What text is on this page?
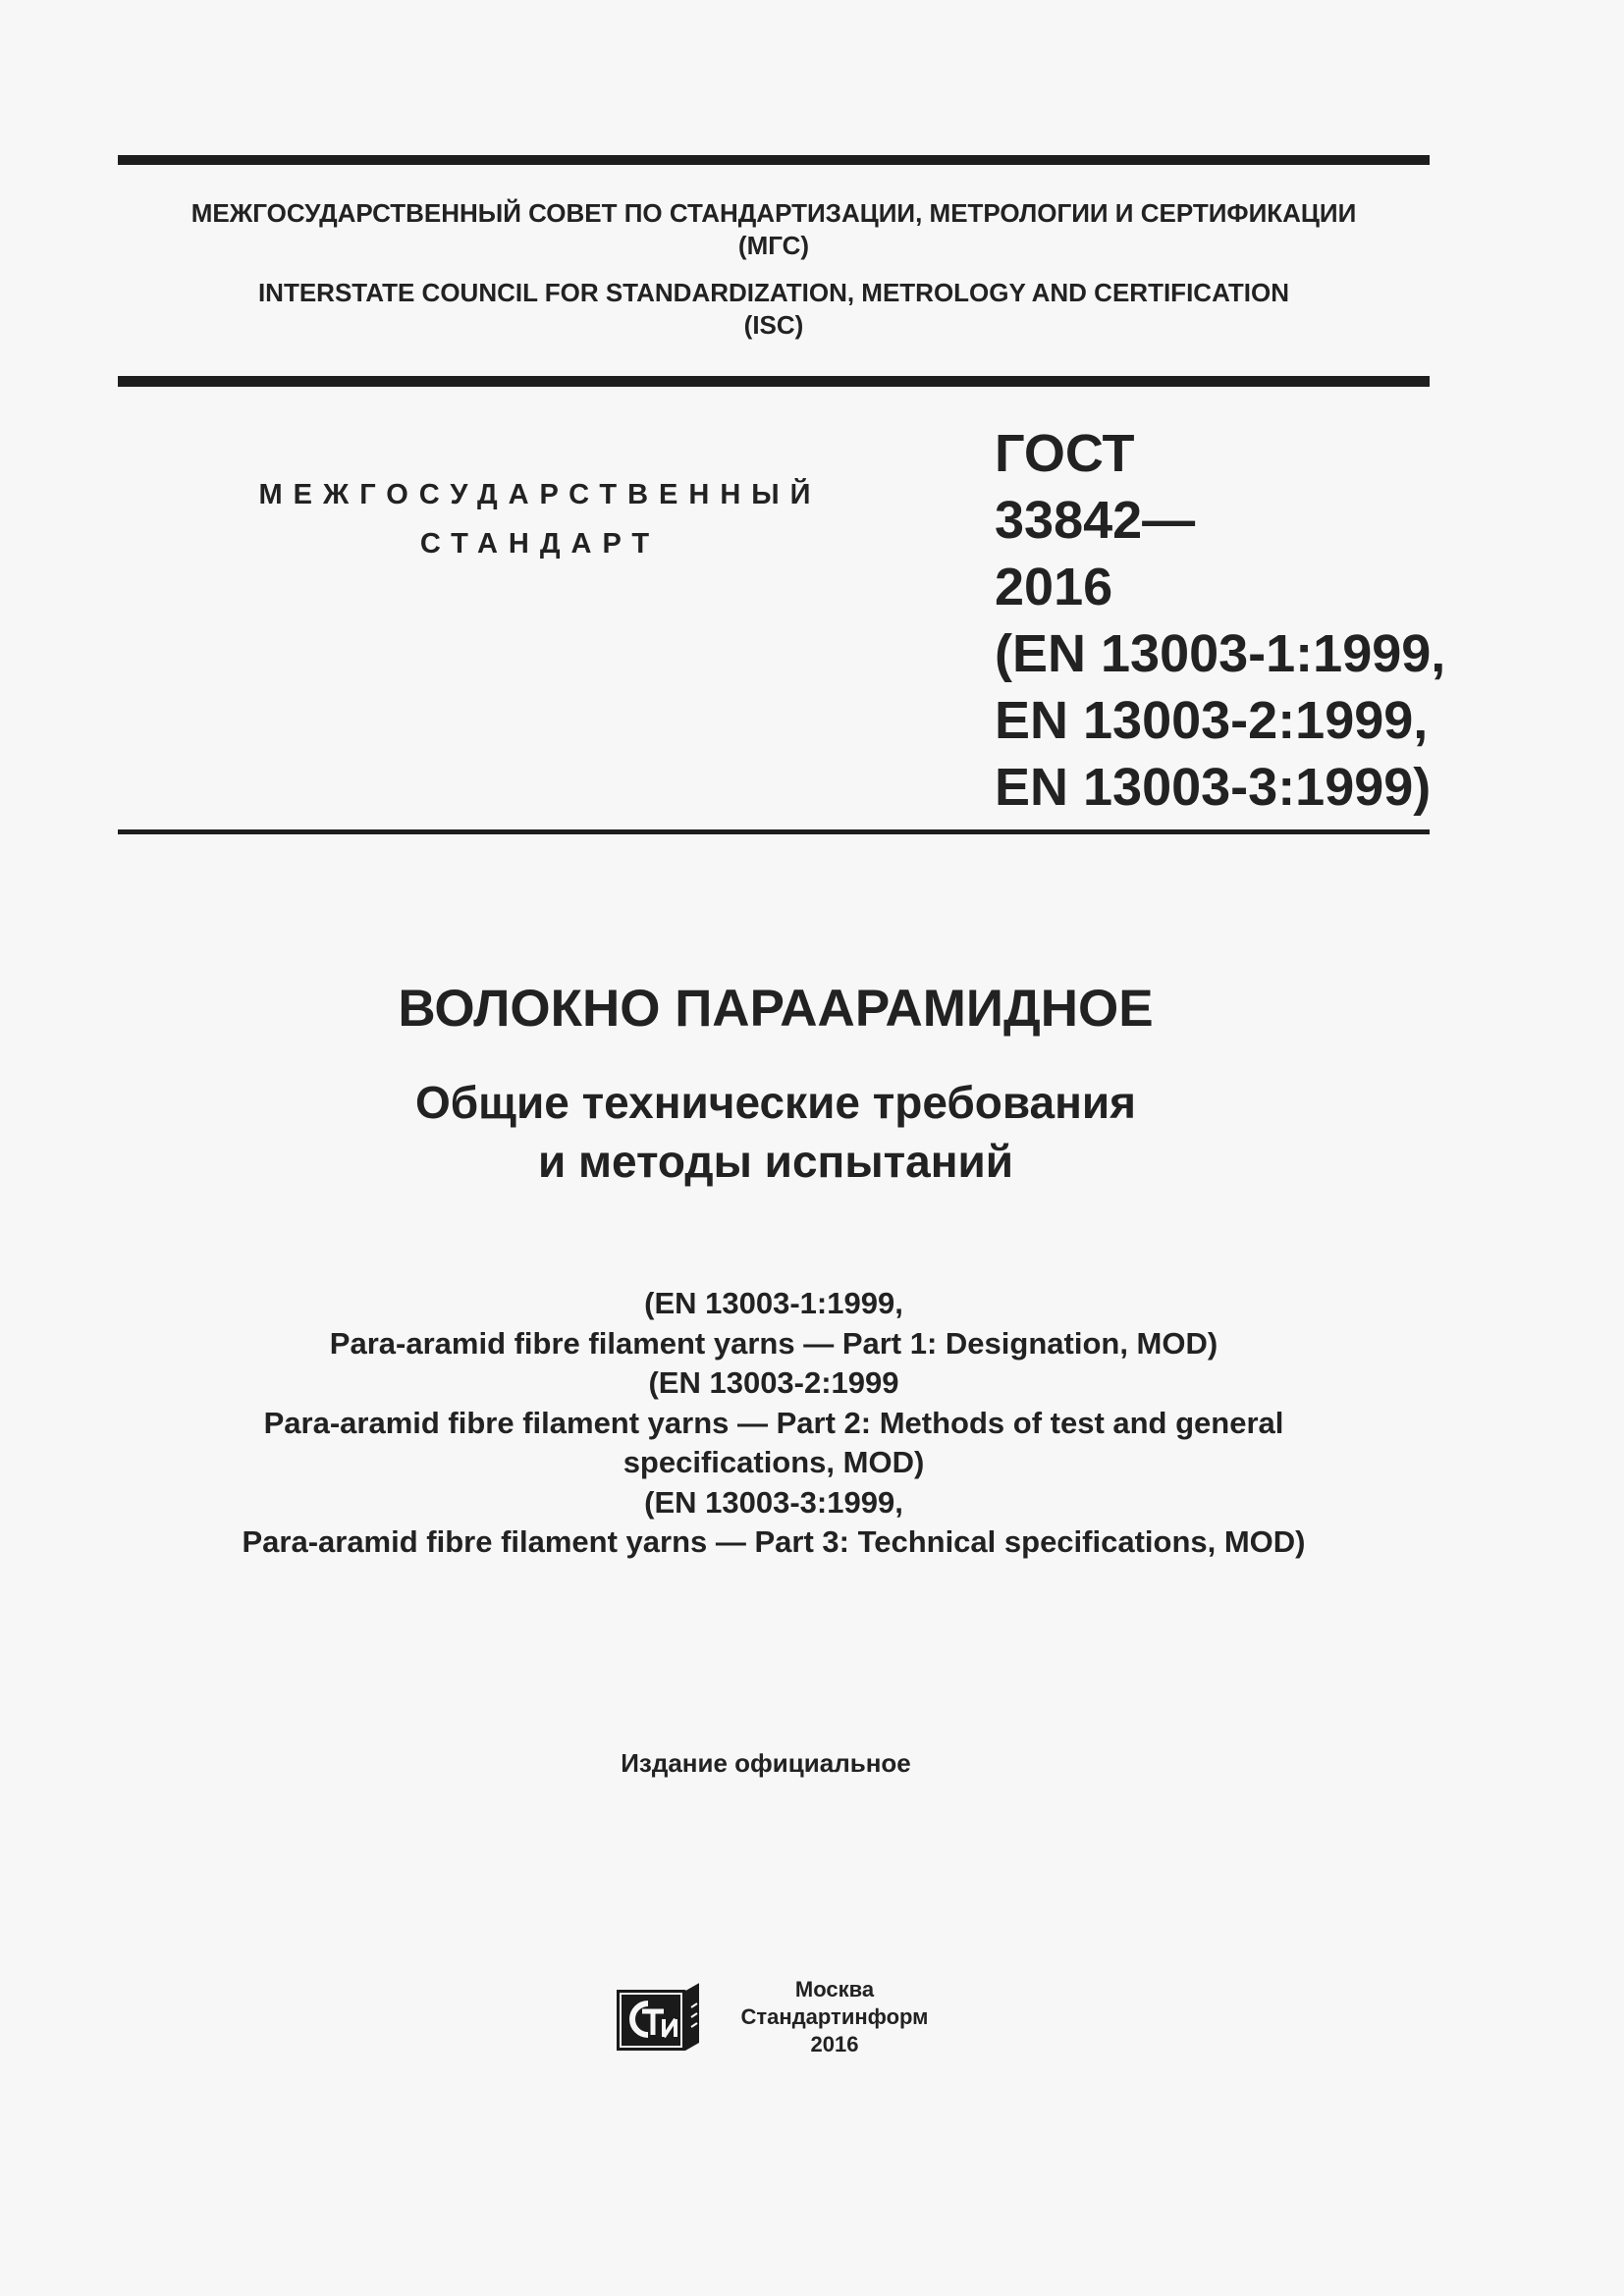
МЕЖГОСУДАРСТВЕННЫЙ СОВЕТ ПО СТАНДАРТИЗАЦИИ, МЕТРОЛОГИИ И СЕРТИФИКАЦИИ
(МГС)
INTERSTATE COUNCIL FOR STANDARDIZATION, METROLOGY AND CERTIFICATION
(ISC)
МЕЖГОСУДАРСТВЕННЫЙ
СТАНДАРТ
ГОСТ
33842—
2016
(EN 13003-1:1999,
EN 13003-2:1999,
EN 13003-3:1999)
ВОЛОКНО ПАРААРАМИДНОЕ
Общие технические требования
и методы испытаний
(EN 13003-1:1999,
Para-aramid fibre filament yarns — Part 1: Designation, MOD)
(EN 13003-2:1999
Para-aramid fibre filament yarns — Part 2: Methods of test and general
specifications, MOD)
(EN 13003-3:1999,
Para-aramid fibre filament yarns — Part 3: Technical specifications, MOD)
Издание официальное
Москва
Стандартинформ
2016
